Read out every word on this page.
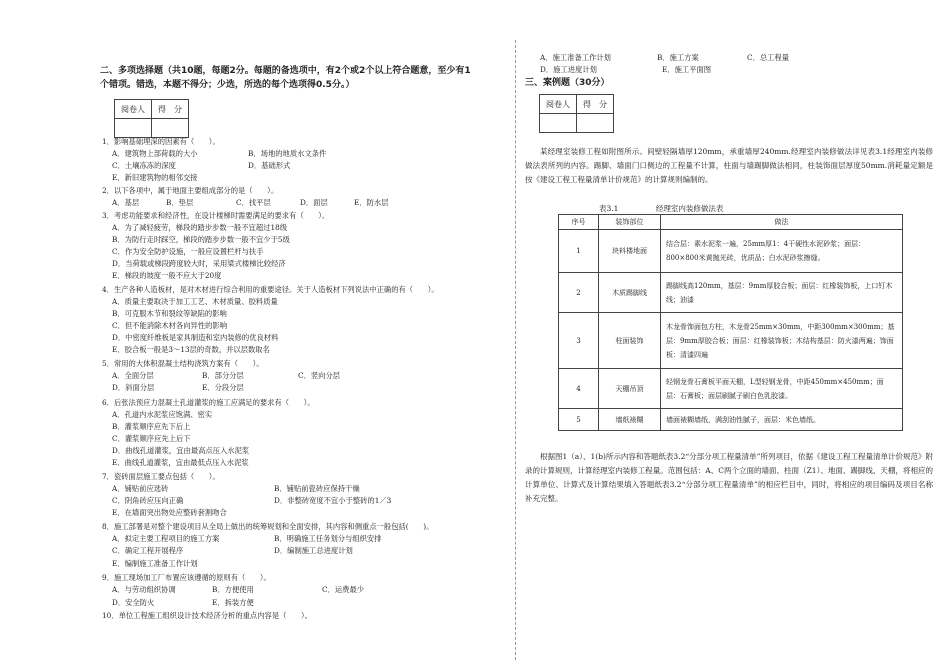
二、多项选择题（共10题，每题2分。每题的备选项中，有2个或2个以上符合题意，至少有1
个错项。错选，本题不得分；少选，所选的每个选项得0.5分。）
阅卷人	得　分

1．影响基础埋深的因素有（　　）。
A．建筑物上部荷载的大小	B．场地的地质水文条件
C．土壤冻冻的深度	D．基础形式
E．新旧建筑物的相邻交接
2．以下各项中，属于地面主要组成部分的是（　　）。
A．基层	B．垫层	C．找平层	D．面层	E．防水层
3．考虑功能要求和经济性，在设计楼梯时需要满足的要求有（　　）。
A．为了减轻疲劳，梯段的踏步步数一般不宜超过18级
B．为防行走时踩空，梯段的踏步步数一般不宜少于5级
C．作为安全防护设施，一般应设置栏杆与扶手
D．当荷载或梯段跨度较大时，采用梁式楼梯比较经济
E．梯段的坡度一般不应大于20度
4．生产各种人造板材，是对木材进行综合利用的重要途径。关于人造板材下列说法中正确的有（　　）。
A．质量主要取决于加工工艺、木材质量、胶料质量
B．可克服木节和裂纹等缺陷的影响
C．但不能消除木材各向异性的影响
D．中密度纤维板是家具制造和室内装修的优良材料
E．胶合板一般是3～13层的奇数，并以层数取名
5．常用的大体积混凝土结构浇筑方案有（　　）。
A．全面分层	B．部分分层	C．竖向分层
D．斜面分层	E．分段分层
6．后张法预应力混凝土孔道灌浆的施工应满足的要求有（　　）。
A．孔道内水泥浆应饱满、密实
B．灌浆顺序应先下后上
C．灌浆顺序应先上后下
D．曲线孔道灌浆，宜由最高点压入水泥浆
E．曲线孔道灌浆，宜由最低点压入水泥浆
7．瓷砖面层施工要点包括（　　）。
A．铺贴前应选砖	B．铺贴前瓷砖应保持干燥
C．阴角砖应压向正确	D．非整砖宽度不宜小于整砖的1／3
E．在墙面突出物处应整砖套割吻合
8．施工部署是对整个建设项目从全局上做出的统筹规划和全面安排，其内容和侧重点一般包括(　　)。
A．拟定主要工程项目的施工方案	B．明确施工任务划分与组织安排
C．确定工程开展程序	D．编制施工总进度计划
E．编制施工准备工作计划
9．施工现场加工厂布置应该遵循的原则有（　　）。
A．与劳动组织协调	B．方便使用	C．运费最少
D．安全防火	E．拆装方便
10．单位工程施工组织设计技术经济分析的重点内容是（　　）。
A．施工准备工作计划	B．施工方案	C．总工程量
D．施工进度计划	E．施工平面图
三、案例题（30分）
阅卷人	得　分

某经理室装修工程如附图所示。间壁轻隔墙厚120mm，承重墙厚240mm.经理室内装修做法详见表3.1经理室内装修做法表所列的内容。踢脚、墙面门口侧边的工程量不计算，柱面与墙踢脚做法相同，柱装饰面层厚度50mm.消耗量定额是按《建设工程工程量清单计价规范》的计算规则编制的。
表3.1　　　　　经理室内装修做法表
序号	装饰部位	做法
1	块料楼地面	结合层：素水泥浆一遍，25mm厚1：4干硬性水泥砂浆；面层：800×800米黄抛光砖，优质品；白水泥砂浆擦缝。
2	木质踢脚线	踢脚线高120mm，基层：9mm厚胶合板；面层：红橡装饰板，上口钉木线；油漆
3	柱面装饰	木龙骨饰面包方柱，木龙骨25mm×30mm，中距300mm×300mm；基层：9mm厚胶合板；面层：红橡装饰板；木结构基层：防火漆两遍；饰面板：清漆四遍
4	天棚吊顶	轻钢龙骨石膏板平面天棚，L型轻钢龙骨，中距450mm×450mm；面层：石膏板；面层刷腻子刷白色乳胶漆。
5	墙纸裱糊	墙面裱糊墙纸，满刮油性腻子，面层：米色墙纸。
根据图1（a）、1(b)所示内容和答题纸表3.2“分部分项工程量清单”所列项目，依据《建设工程工程量清单计价规范》附录的计算规则，计算经理室内装修工程量。范围包括：A、C两个立面的墙面、柱面（Z1）、地面、踢脚线、天棚，将相应的计算单位、计算式及计算结果填入答题纸表3.2“分部分项工程量清单”的相应栏目中，同时，将相应的项目编码及项目名称补充完整。
